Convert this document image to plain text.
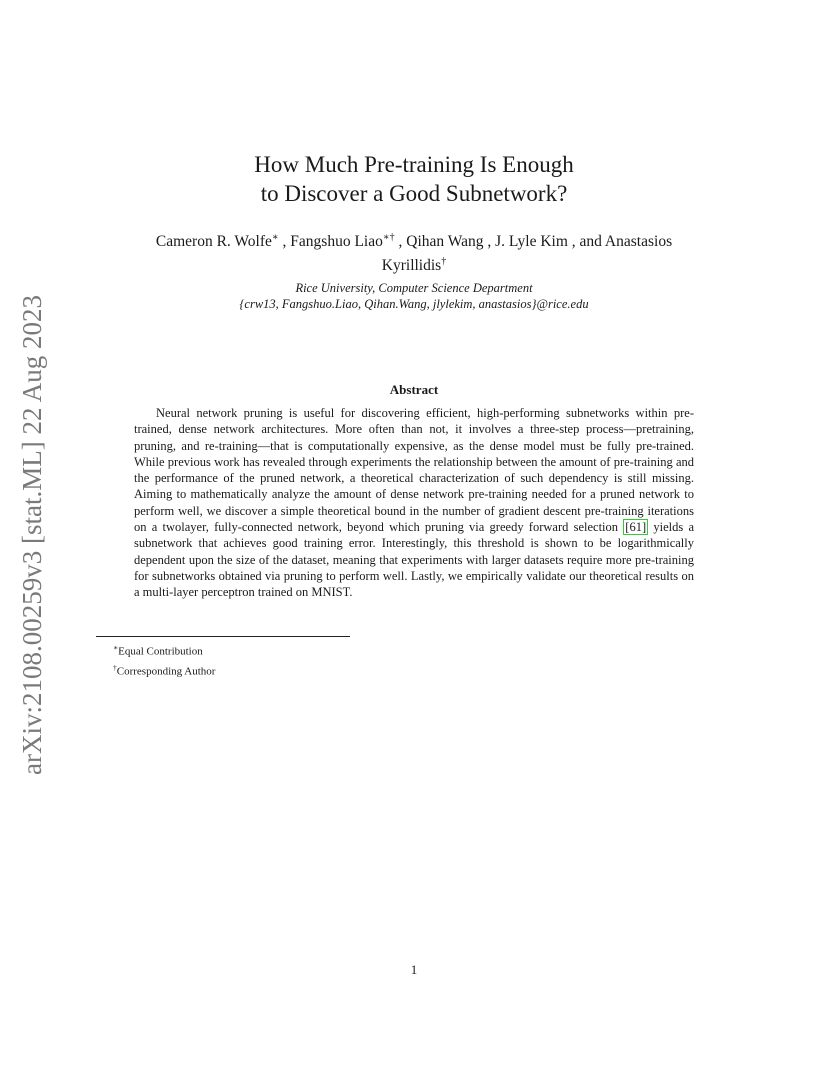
arXiv:2108.00259v3 [stat.ML] 22 Aug 2023
How Much Pre-training Is Enough
to Discover a Good Subnetwork?
Cameron R. Wolfe∗ , Fangshuo Liao∗† , Qihan Wang , J. Lyle Kim , and Anastasios
Kyrillidis†
Rice University, Computer Science Department
{crw13, Fangshuo.Liao, Qihan.Wang, jlylekim, anastasios}@rice.edu
Abstract
Neural network pruning is useful for discovering efficient, high-performing subnetworks within pre-trained, dense network architectures. More often than not, it involves a three-step process—pretraining, pruning, and re-training—that is computationally expensive, as the dense model must be fully pre-trained. While previous work has revealed through experiments the relationship between the amount of pre-training and the performance of the pruned network, a theoretical characterization of such dependency is still missing. Aiming to mathematically analyze the amount of dense network pre-training needed for a pruned network to perform well, we discover a simple theoretical bound in the number of gradient descent pre-training iterations on a twolayer, fully-connected network, beyond which pruning via greedy forward selection [61] yields a subnetwork that achieves good training error. Interestingly, this threshold is shown to be logarithmically dependent upon the size of the dataset, meaning that experiments with larger datasets require more pre-training for subnetworks obtained via pruning to perform well. Lastly, we empirically validate our theoretical results on a multi-layer perceptron trained on MNIST.
∗Equal Contribution
†Corresponding Author
1
